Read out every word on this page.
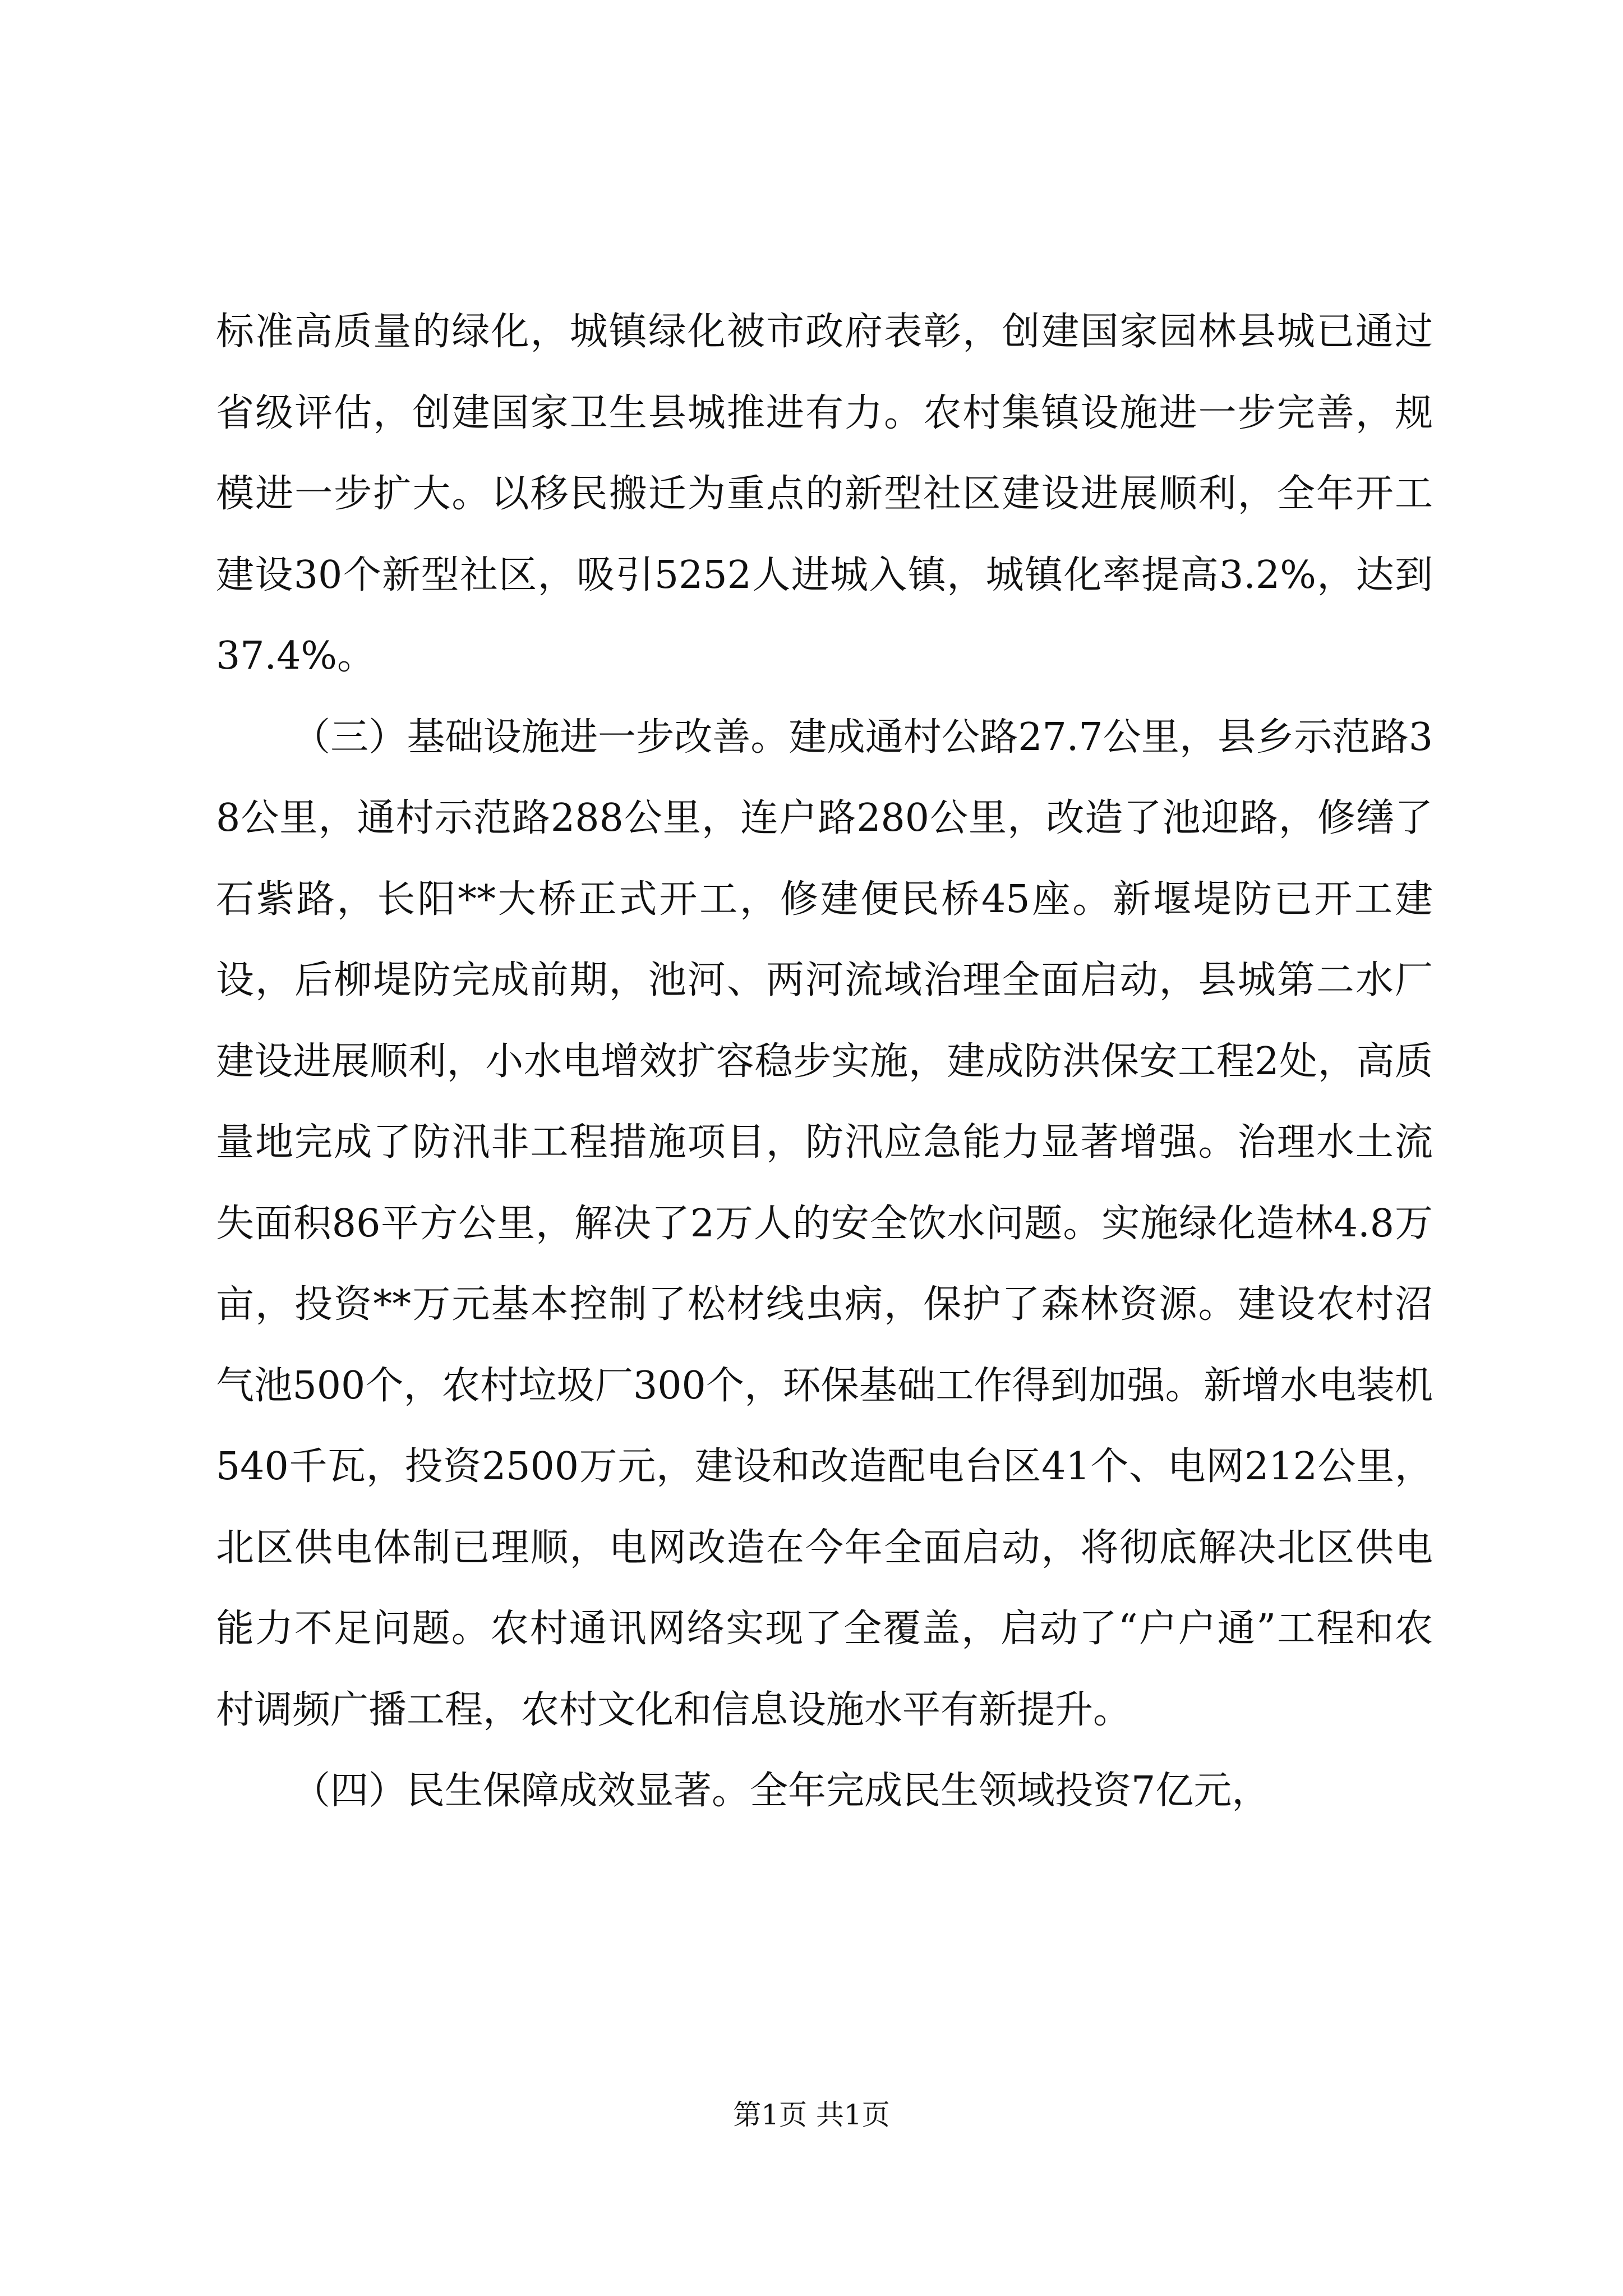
标准高质量的绿化，城镇绿化被市政府表彰，创建国家园林县城已通过省级评估，创建国家卫生县城推进有力。农村集镇设施进一步完善，规模进一步扩大。以移民搬迁为重点的新型社区建设进展顺利，全年开工建设30个新型社区，吸引5252人进城入镇，城镇化率提高3.2%，达到37.4%。

（三）基础设施进一步改善。建成通村公路27.7公里，县乡示范路38公里，通村示范路288公里，连户路280公里，改造了池迎路，修缮了石紫路，长阳**大桥正式开工，修建便民桥45座。新堰堤防已开工建设，后柳堤防完成前期，池河、两河流域治理全面启动，县城第二水厂建设进展顺利，小水电增效扩容稳步实施，建成防洪保安工程2处，高质量地完成了防汛非工程措施项目，防汛应急能力显著增强。治理水土流失面积86平方公里，解决了2万人的安全饮水问题。实施绿化造林4.8万亩，投资**万元基本控制了松材线虫病，保护了森林资源。建设农村沼气池500个，农村垃圾厂300个，环保基础工作得到加强。新增水电装机540千瓦，投资2500万元，建设和改造配电台区41个、电网212公里，北区供电体制已理顺，电网改造在今年全面启动，将彻底解决北区供电能力不足问题。农村通讯网络实现了全覆盖，启动了“户户通”工程和农村调频广播工程，农村文化和信息设施水平有新提升。

（四）民生保障成效显著。全年完成民生领域投资7亿元，

第1页 共1页
